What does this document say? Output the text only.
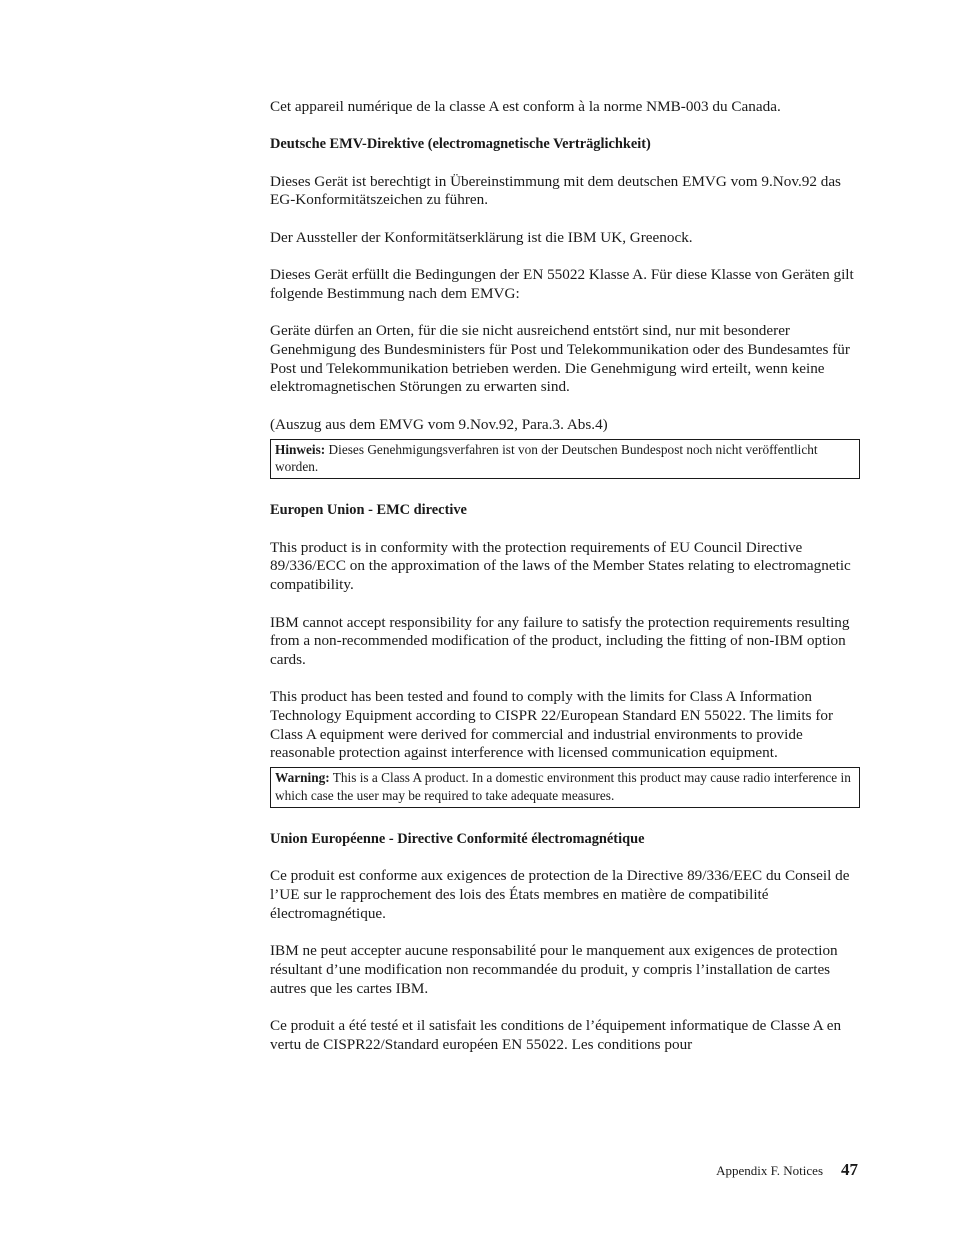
Cet appareil numérique de la classe A est conform à la norme NMB-003 du Canada.

Deutsche EMV-Direktive (electromagnetische Verträglichkeit)

Dieses Gerät ist berechtigt in Übereinstimmung mit dem deutschen EMVG vom 9.Nov.92 das EG-Konformitätszeichen zu führen.

Der Aussteller der Konformitätserklärung ist die IBM UK, Greenock.

Dieses Gerät erfüllt die Bedingungen der EN 55022 Klasse A. Für diese Klasse von Geräten gilt folgende Bestimmung nach dem EMVG:

Geräte dürfen an Orten, für die sie nicht ausreichend entstört sind, nur mit besonderer Genehmigung des Bundesministers für Post und Telekommunikation oder des Bundesamtes für Post und Telekommunikation betrieben werden. Die Genehmigung wird erteilt, wenn keine elektromagnetischen Störungen zu erwarten sind.

(Auszug aus dem EMVG vom 9.Nov.92, Para.3. Abs.4)

Hinweis: Dieses Genehmigungsverfahren ist von der Deutschen Bundespost noch nicht veröffentlicht worden.
Europen Union - EMC directive

This product is in conformity with the protection requirements of EU Council Directive 89/336/ECC on the approximation of the laws of the Member States relating to electromagnetic compatibility.

IBM cannot accept responsibility for any failure to satisfy the protection requirements resulting from a non-recommended modification of the product, including the fitting of non-IBM option cards.

This product has been tested and found to comply with the limits for Class A Information Technology Equipment according to CISPR 22/European Standard EN 55022. The limits for Class A equipment were derived for commercial and industrial environments to provide reasonable protection against interference with licensed communication equipment.

Warning: This is a Class A product. In a domestic environment this product may cause radio interference in which case the user may be required to take adequate measures.
Union Européenne - Directive Conformité électromagnétique

Ce produit est conforme aux exigences de protection de la Directive 89/336/EEC du Conseil de l’UE sur le rapprochement des lois des États membres en matière de compatibilité électromagnétique.

IBM ne peut accepter aucune responsabilité pour le manquement aux exigences de protection résultant d’une modification non recommandée du produit, y compris l’installation de cartes autres que les cartes IBM.

Ce produit a été testé et il satisfait les conditions de l’équipement informatique de Classe A en vertu de CISPR22/Standard européen EN 55022. Les conditions pour

Appendix F. Notices 47
